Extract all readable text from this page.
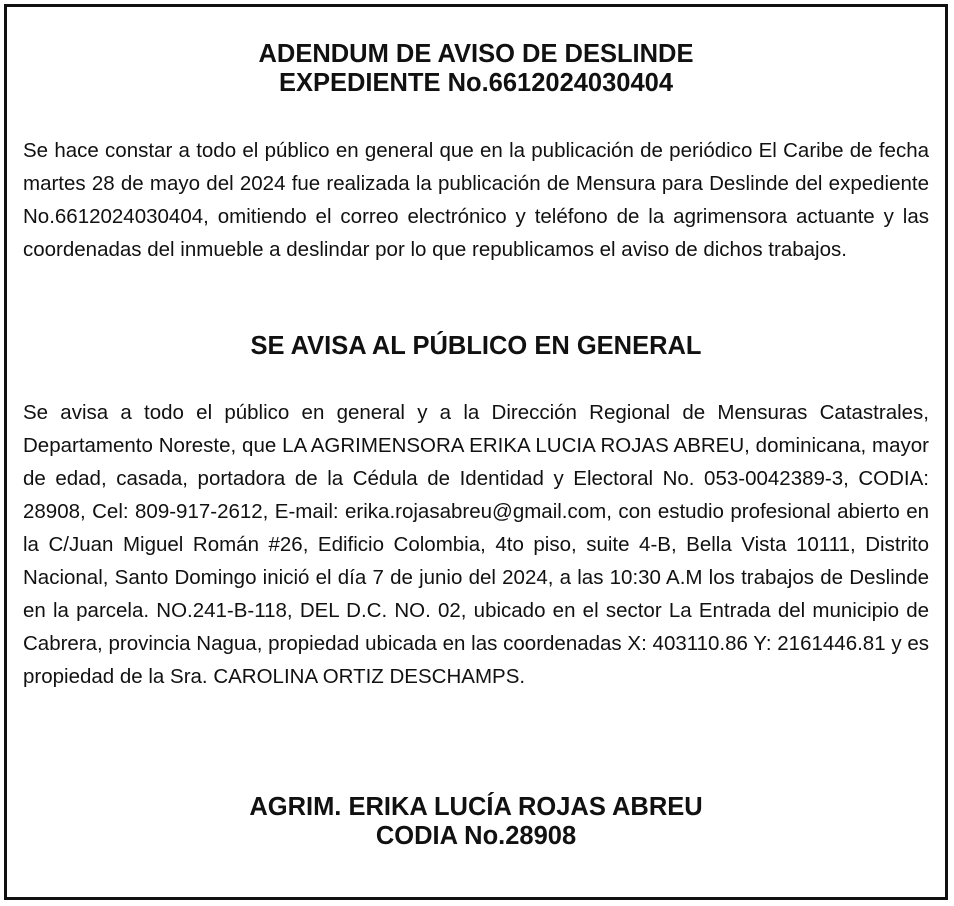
ADENDUM DE AVISO DE DESLINDE
EXPEDIENTE No.6612024030404

Se hace constar a todo el público en general que en la publicación de periódico El Caribe de fecha martes 28 de mayo del 2024 fue realizada la publicación de Mensura para Deslinde del expediente No.6612024030404, omitiendo el correo electrónico y teléfono de la agrimensora actuante y las coordenadas del inmueble a deslindar por lo que republicamos el aviso de dichos trabajos.

SE AVISA AL PÚBLICO EN GENERAL

Se avisa a todo el público en general y a la Dirección Regional de Mensuras Catastrales, Departamento Noreste, que LA AGRIMENSORA ERIKA LUCIA ROJAS ABREU, dominicana, mayor de edad, casada, portadora de la Cédula de Identidad y Electoral No. 053-0042389-3, CODIA: 28908, Cel: 809-917-2612, E-mail: erika.rojasabreu@gmail.com, con estudio profesional abierto en la C/Juan Miguel Román #26, Edificio Colombia, 4to piso, suite 4-B, Bella Vista 10111, Distrito Nacional, Santo Domingo inició el día 7 de junio del 2024, a las 10:30 A.M los trabajos de Deslinde en la parcela. NO.241-B-118, DEL D.C. NO. 02, ubicado en el sector La Entrada del municipio de Cabrera, provincia Nagua, propiedad ubicada en las coordenadas X: 403110.86 Y: 2161446.81 y es propiedad de la Sra. CAROLINA ORTIZ DESCHAMPS.

AGRIM. ERIKA LUCÍA ROJAS ABREU
CODIA No.28908
